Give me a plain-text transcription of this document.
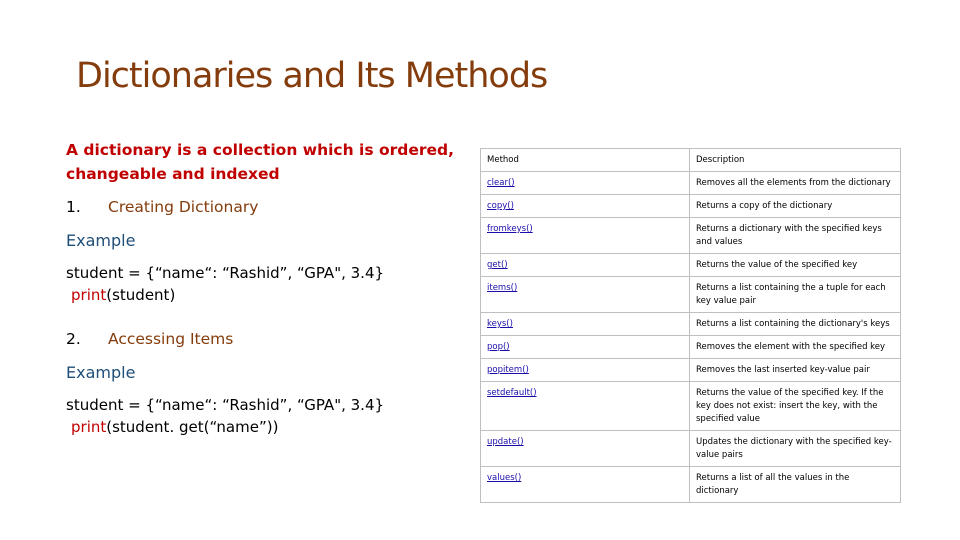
Dictionaries and Its Methods

A dictionary is a collection which is ordered, changeable and indexed

1.	Creating Dictionary
Example
student = {“name“: “Rashid”, “GPA", 3.4}
print(student)
2.	Accessing Items
Example
student = {“name“: “Rashid”, “GPA", 3.4}
print(student. get(“name”))
Method	Description
clear()	Removes all the elements from the dictionary
copy()	Returns a copy of the dictionary
fromkeys()	Returns a dictionary with the specified keys and values
get()	Returns the value of the specified key
items()	Returns a list containing the a tuple for each key value pair
keys()	Returns a list containing the dictionary's keys
pop()	Removes the element with the specified key
popitem()	Removes the last inserted key-value pair
setdefault()	Returns the value of the specified key. If the key does not exist: insert the key, with the specified value
update()	Updates the dictionary with the specified key-value pairs
values()	Returns a list of all the values in the dictionary
